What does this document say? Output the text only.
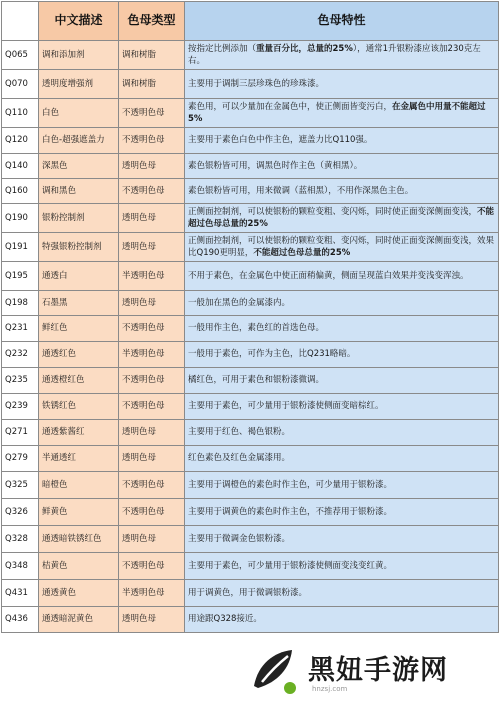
	中文描述	色母类型	色母特性
Q065	调和添加剂	调和树脂	按指定比例添加（重量百分比，总量的25%），通常1升银粉漆应该加230克左右。
Q070	透明度增强剂	调和树脂	主要用于调制三层珍珠色的珍珠漆。
Q110	白色	不透明色母	素色用，可以少量加在金属色中，使正侧面皆变污白，在金属色中用量不能超过5%
Q120	白色-超强遮盖力	不透明色母	主要用于素色白色中作主色，遮盖力比Q110强。
Q140	深黑色	透明色母	素色银粉皆可用，调黑色时作主色（黄相黑）。
Q160	调和黑色	不透明色母	素色银粉皆可用，用来微调（蓝相黑），不用作深黑色主色。
Q190	银粉控制剂	透明色母	正侧面控制剂，可以使银粉的颗粒变粗、变闪烁，同时使正面变深侧面变浅，不能超过色母总量的25%
Q191	特强银粉控制剂	透明色母	正侧面控制剂，可以使银粉的颗粒变粗、变闪烁，同时使正面变深侧面变浅，效果比Q190更明显，不能超过色母总量的25%
Q195	通透白	半透明色母	不用于素色，在金属色中使正面稍偏黄，侧面呈现蓝白效果并变浅变浑浊。
Q198	石墨黑	透明色母	一般加在黑色的金属漆内。
Q231	鲜红色	不透明色母	一般用作主色，素色红的首选色母。
Q232	通透红色	半透明色母	一般用于素色，可作为主色，比Q231略暗。
Q235	通透橙红色	不透明色母	橘红色，可用于素色和银粉漆微调。
Q239	铁锈红色	不透明色母	主要用于素色，可少量用于银粉漆使侧面变暗棕红。
Q271	通透紫酱红	透明色母	主要用于红色、褐色银粉。
Q279	半通透红	透明色母	红色素色及红色金属漆用。
Q325	暗橙色	不透明色母	主要用于调橙色的素色时作主色，可少量用于银粉漆。
Q326	鲜黄色	不透明色母	主要用于调黄色的素色时作主色，不推荐用于银粉漆。
Q328	通透暗铁锈红色	透明色母	主要用于微调金色银粉漆。
Q348	桔黄色	不透明色母	主要用于素色，可少量用于银粉漆使侧面变浅变红黄。
Q431	通透黄色	半透明色母	用于调黄色，用于微调银粉漆。
Q436	通透暗泥黄色	透明色母	用途跟Q328接近。
黑妞手游网
hnzsj.com
